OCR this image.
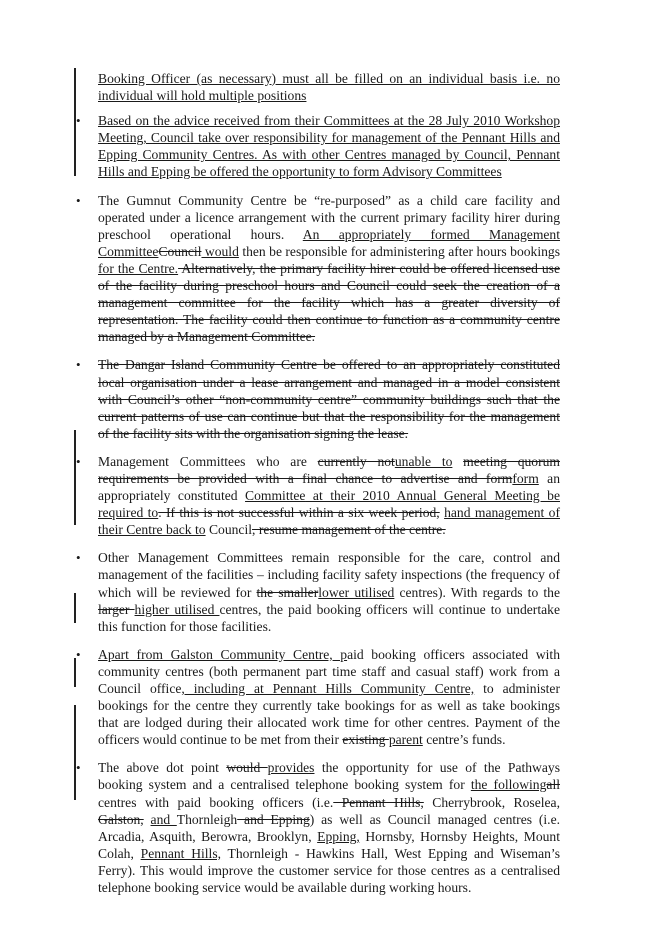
Booking Officer (as necessary) must all be filled on an individual basis i.e. no individual will hold multiple positions
• Based on the advice received from their Committees at the 28 July 2010 Workshop Meeting, Council take over responsibility for management of the Pennant Hills and Epping Community Centres. As with other Centres managed by Council, Pennant Hills and Epping be offered the opportunity to form Advisory Committees
• The Gumnut Community Centre be “re-purposed” as a child care facility and operated under a licence arrangement with the current primary facility hirer during preschool operational hours. An appropriately formed Management CommitteeCouncil would then be responsible for administering after hours bookings for the Centre. Alternatively, the primary facility hirer could be offered licensed use of the facility during preschool hours and Council could seek the creation of a management committee for the facility which has a greater diversity of representation. The facility could then continue to function as a community centre managed by a Management Committee.
• The Dangar Island Community Centre be offered to an appropriately constituted local organisation under a lease arrangement and managed in a model consistent with Council’s other “non-community centre” community buildings such that the current patterns of use can continue but that the responsibility for the management of the facility sits with the organisation signing the lease.
• Management Committees who are currently notunable to meeting quorum requirements be provided with a final chance to advertise and formform an appropriately constituted Committee at their 2010 Annual General Meeting be required to. If this is not successful within a six week period, hand management of their Centre back to Council, resume management of the centre.
• Other Management Committees remain responsible for the care, control and management of the facilities – including facility safety inspections (the frequency of which will be reviewed for the smallerlower utilised centres). With regards to the larger higher utilised centres, the paid booking officers will continue to undertake this function for those facilities.
• Apart from Galston Community Centre, paid booking officers associated with community centres (both permanent part time staff and casual staff) work from a Council office, including at Pennant Hills Community Centre, to administer bookings for the centre they currently take bookings for as well as take bookings that are lodged during their allocated work time for other centres. Payment of the officers would continue to be met from their existing parent centre’s funds.
• The above dot point would provides the opportunity for use of the Pathways booking system and a centralised telephone booking system for the followingall centres with paid booking officers (i.e. Pennant Hills, Cherrybrook, Roselea, Galston, and Thornleigh and Epping) as well as Council managed centres (i.e. Arcadia, Asquith, Berowra, Brooklyn, Epping, Hornsby, Hornsby Heights, Mount Colah, Pennant Hills, Thornleigh - Hawkins Hall, West Epping and Wiseman’s Ferry). This would improve the customer service for those centres as a centralised telephone booking service would be available during working hours.
